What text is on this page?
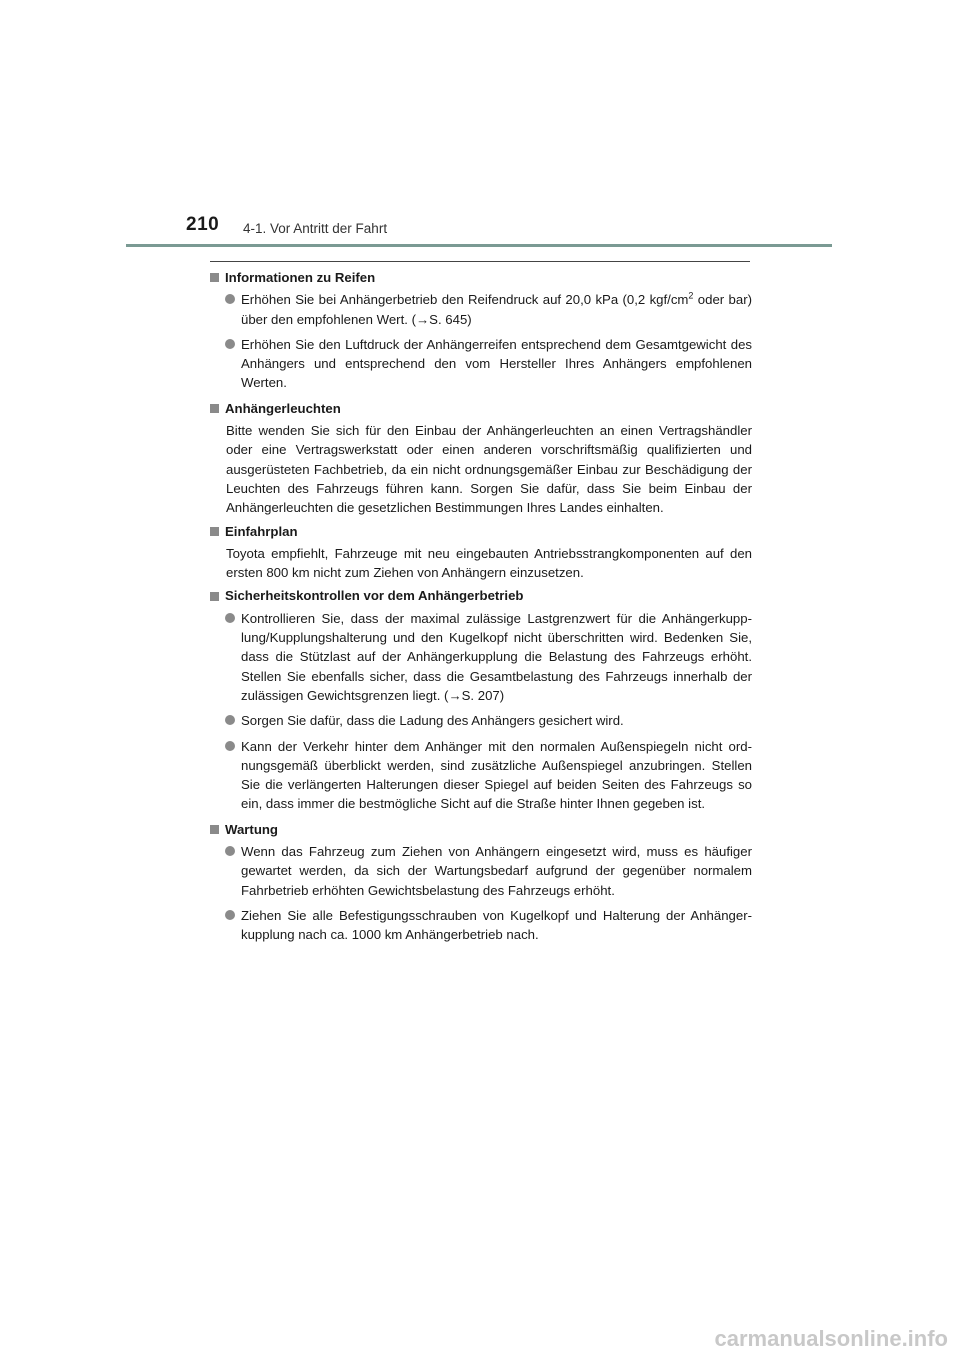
210 4-1. Vor Antritt der Fahrt
Informationen zu Reifen
Erhöhen Sie bei Anhängerbetrieb den Reifendruck auf 20,0 kPa (0,2 kgf/$cm^2$ oder bar) über den empfohlenen Wert. (→S. 645)
Erhöhen Sie den Luftdruck der Anhängerreifen entsprechend dem Gesamtgewicht des Anhängers und entsprechend den vom Hersteller Ihres Anhängers empfohlenen Werten.
Anhängerleuchten
Bitte wenden Sie sich für den Einbau der Anhängerleuchten an einen Vertragshändler oder eine Vertragswerkstatt oder einen anderen vorschriftsmäßig qualifizierten und ausgerüsteten Fachbetrieb, da ein nicht ordnungsgemäßer Einbau zur Beschädigung der Leuchten des Fahrzeugs führen kann. Sorgen Sie dafür, dass Sie beim Einbau der Anhängerleuchten die gesetzlichen Bestimmungen Ihres Landes einhalten.
Einfahrplan
Toyota empfiehlt, Fahrzeuge mit neu eingebauten Antriebsstrangkomponenten auf den ersten 800 km nicht zum Ziehen von Anhängern einzusetzen.
Sicherheitskontrollen vor dem Anhängerbetrieb
Kontrollieren Sie, dass der maximal zulässige Lastgrenzwert für die Anhängerkupp-lung/Kupplungshalterung und den Kugelkopf nicht überschritten wird. Bedenken Sie, dass die Stützlast auf der Anhängerkupplung die Belastung des Fahrzeugs erhöht. Stellen Sie ebenfalls sicher, dass die Gesamtbelastung des Fahrzeugs innerhalb der zulässigen Gewichtsgrenzen liegt. (→S. 207)
Sorgen Sie dafür, dass die Ladung des Anhängers gesichert wird.
Kann der Verkehr hinter dem Anhänger mit den normalen Außenspiegeln nicht ord-nungsgemäß überblickt werden, sind zusätzliche Außenspiegel anzubringen. Stellen Sie die verlängerten Halterungen dieser Spiegel auf beiden Seiten des Fahrzeugs so ein, dass immer die bestmögliche Sicht auf die Straße hinter Ihnen gegeben ist.
Wartung
Wenn das Fahrzeug zum Ziehen von Anhängern eingesetzt wird, muss es häufiger gewartet werden, da sich der Wartungsbedarf aufgrund der gegenüber normalem Fahrbetrieb erhöhten Gewichtsbelastung des Fahrzeugs erhöht.
Ziehen Sie alle Befestigungsschrauben von Kugelkopf und Halterung der Anhänger-kupplung nach ca. 1000 km Anhängerbetrieb nach.
carmanualsonline.info
